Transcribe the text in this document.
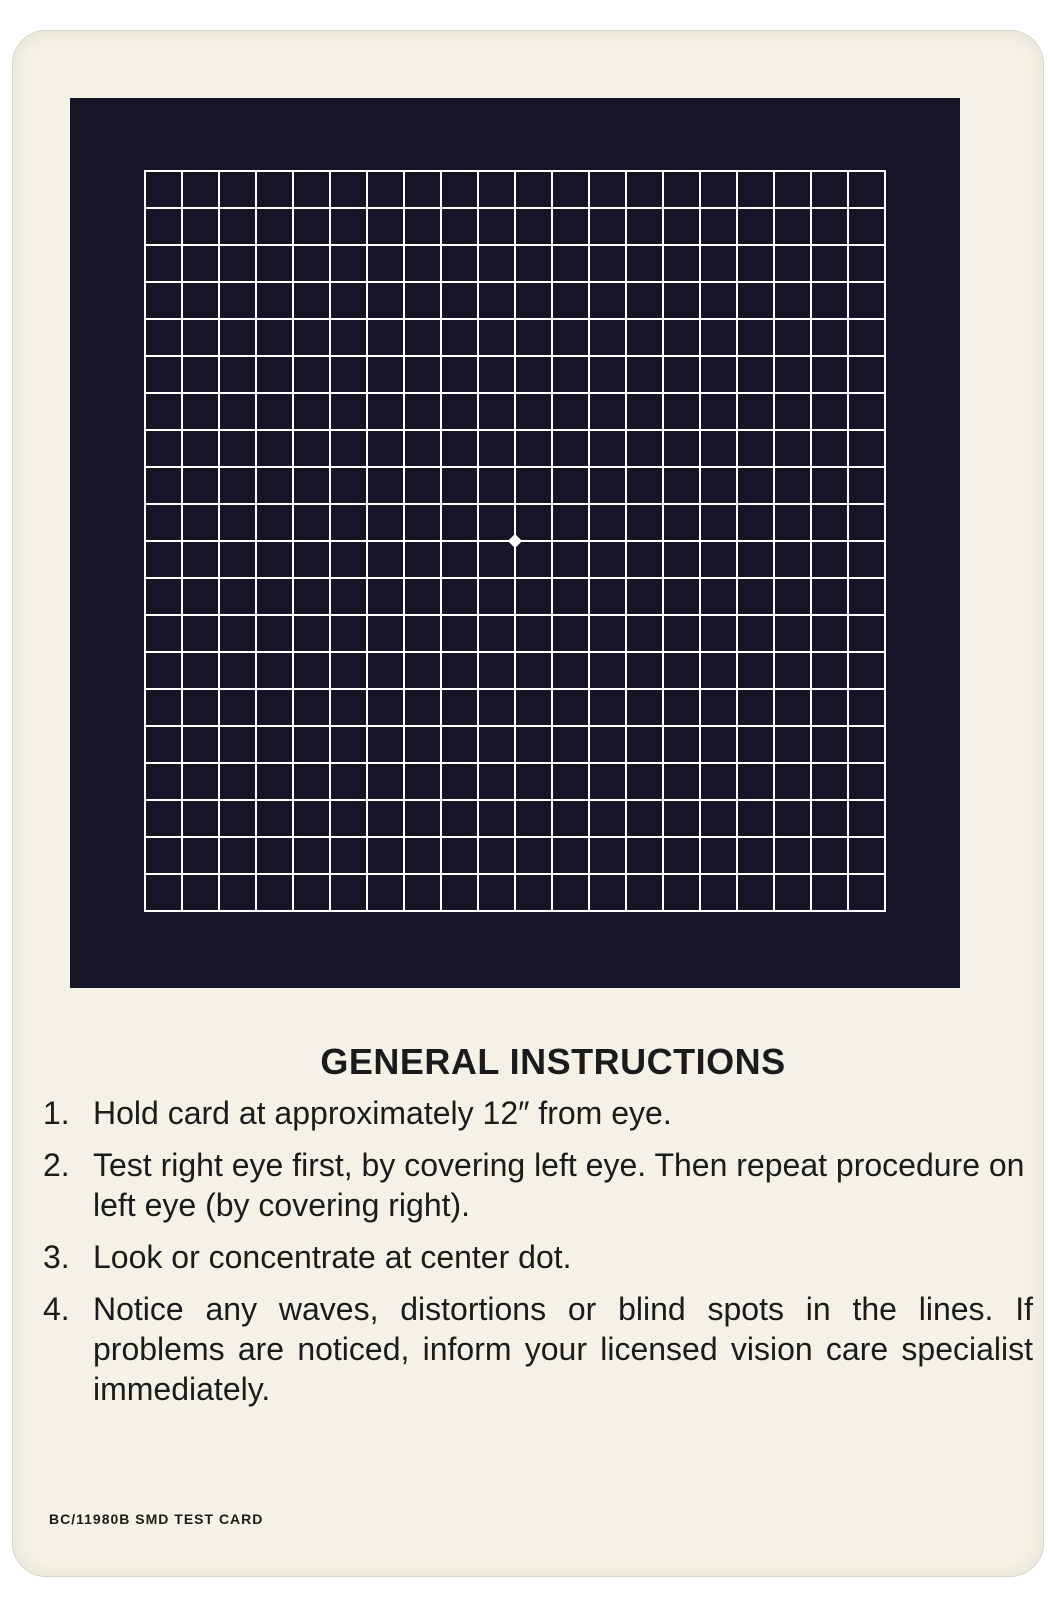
GENERAL INSTRUCTIONS
1. Hold card at approximately 12″ from eye.
2. Test right eye first, by covering left eye. Then repeat procedure on left eye (by covering right).
3. Look or concentrate at center dot.
4. Notice any waves, distortions or blind spots in the lines. If problems are noticed, inform your licensed vision care specialist immediately.
BC/11980B SMD TEST CARD
